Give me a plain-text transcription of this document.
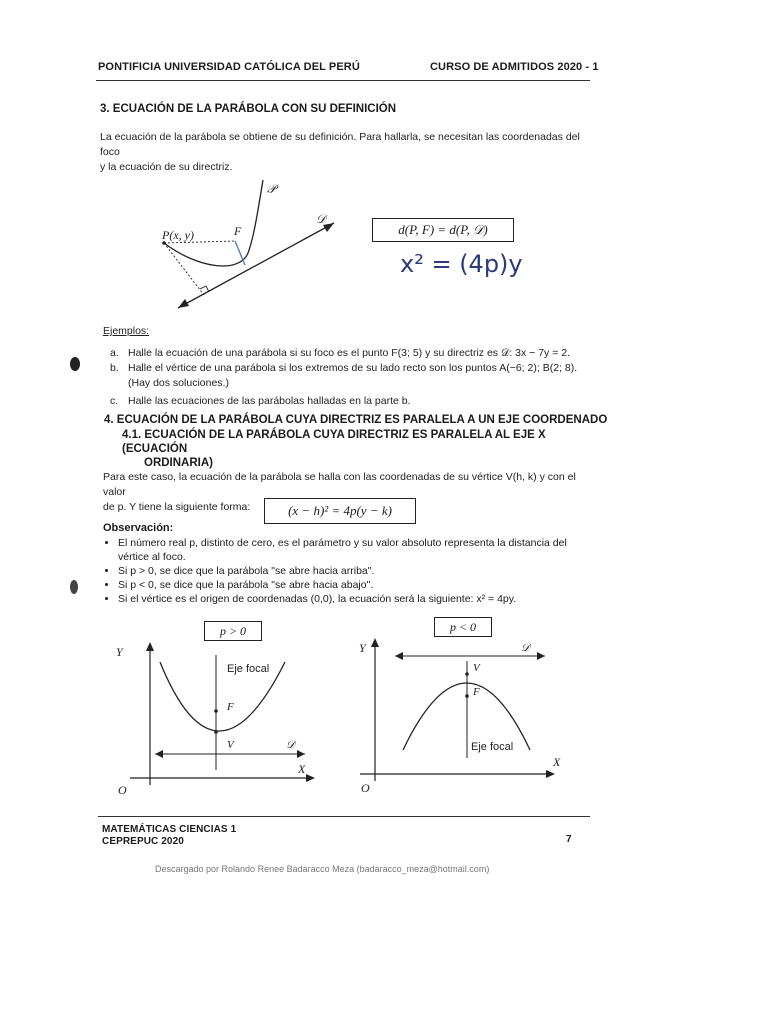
PONTIFICIA UNIVERSIDAD CATÓLICA DEL PERÚ	CURSO DE ADMITIDOS 2020 - 1
3. ECUACIÓN DE LA PARÁBOLA CON SU DEFINICIÓN
La ecuación de la parábola se obtiene de su definición. Para hallarla, se necesitan las coordenadas del foco
y la ecuación de su directriz.
P(x, y)	F
𝒫
𝒟
d(P, F) = d(P, 𝒟)
x² = (4p)y
Ejemplos:
a. Halle la ecuación de una parábola si su foco es el punto F(3; 5) y su directriz es 𝒟: 3x − 7y = 2.
b. Halle el vértice de una parábola si los extremos de su lado recto son los puntos A(−6; 2); B(2; 8).
(Hay dos soluciones.)
c. Halle las ecuaciones de las parábolas halladas en la parte b.
4. ECUACIÓN DE LA PARÁBOLA CUYA DIRECTRIZ ES PARALELA A UN EJE COORDENADO
4.1. ECUACIÓN DE LA PARÁBOLA CUYA DIRECTRIZ ES PARALELA AL EJE X (ECUACIÓN
ORDINARIA)
Para este caso, la ecuación de la parábola se halla con las coordenadas de su vértice V(h, k) y con el valor
de p. Y tiene la siguiente forma:	(x − h)² = 4p(y − k)
Observación:
• El número real p, distinto de cero, es el parámetro y su valor absoluto representa la distancia del vértice al foco.
• Si p > 0, se dice que la parábola "se abre hacia arriba".
• Si p < 0, se dice que la parábola "se abre hacia abajo".
• Si el vértice es el origen de coordenadas (0,0), la ecuación será la siguiente: x² = 4py.
p > 0
Y
X
O
Eje focal
F
V	𝒟
p < 0
Y
X
O
Eje focal
F
V
𝒟
MATEMÁTICAS CIENCIAS 1
CEPREPUC 2020	7
Descargado por Rolando Renee Badaracco Meza (badaracco_meza@hotmail.com)
